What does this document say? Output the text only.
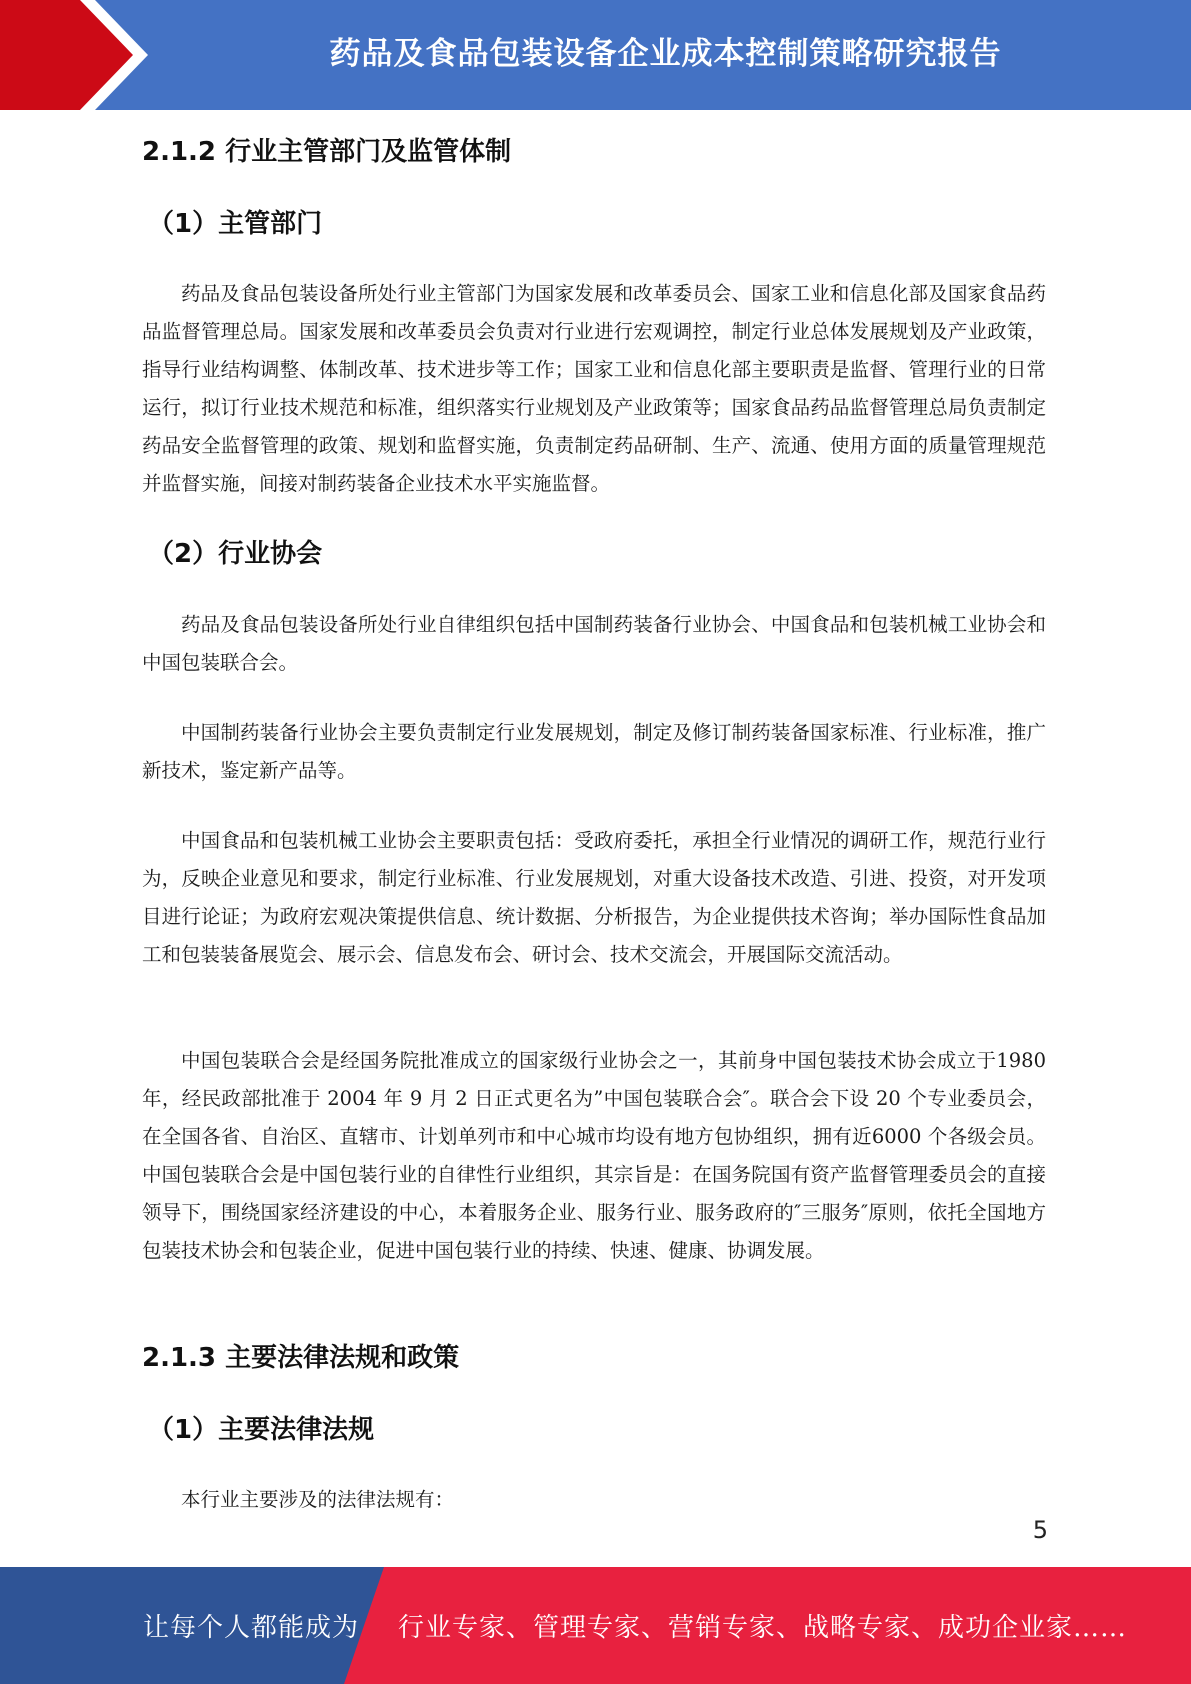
药品及食品包装设备企业成本控制策略研究报告
2.1.2 行业主管部门及监管体制
（1）主管部门

药品及食品包装设备所处行业主管部门为国家发展和改革委员会、国家工业和信息化部及国家食品药品监督管理总局。国家发展和改革委员会负责对行业进行宏观调控，制定行业总体发展规划及产业政策，指导行业结构调整、体制改革、技术进步等工作；国家工业和信息化部主要职责是监督、管理行业的日常运行，拟订行业技术规范和标准，组织落实行业规划及产业政策等；国家食品药品监督管理总局负责制定药品安全监督管理的政策、规划和监督实施，负责制定药品研制、生产、流通、使用方面的质量管理规范并监督实施，间接对制药装备企业技术水平实施监督。

（2）行业协会

药品及食品包装设备所处行业自律组织包括中国制药装备行业协会、中国食品和包装机械工业协会和中国包装联合会。

中国制药装备行业协会主要负责制定行业发展规划，制定及修订制药装备国家标准、行业标准，推广新技术，鉴定新产品等。

中国食品和包装机械工业协会主要职责包括：受政府委托，承担全行业情况的调研工作，规范行业行为，反映企业意见和要求，制定行业标准、行业发展规划，对重大设备技术改造、引进、投资，对开发项目进行论证；为政府宏观决策提供信息、统计数据、分析报告，为企业提供技术咨询；举办国际性食品加工和包装装备展览会、展示会、信息发布会、研讨会、技术交流会，开展国际交流活动。

中国包装联合会是经国务院批准成立的国家级行业协会之一，其前身中国包装技术协会成立于1980 年，经民政部批准于 2004 年 9 月 2 日正式更名为”中国包装联合会″。联合会下设 20 个专业委员会，在全国各省、自治区、直辖市、计划单列市和中心城市均设有地方包协组织，拥有近6000 个各级会员。中国包装联合会是中国包装行业的自律性行业组织，其宗旨是：在国务院国有资产监督管理委员会的直接领导下，围绕国家经济建设的中心，本着服务企业、服务行业、服务政府的″三服务″原则，依托全国地方包装技术协会和包装企业，促进中国包装行业的持续、快速、健康、协调发展。

2.1.3 主要法律法规和政策
（1）主要法律法规

本行业主要涉及的法律法规有：

5
让每个人都能成为 行业专家、管理专家、营销专家、战略专家、成功企业家……
